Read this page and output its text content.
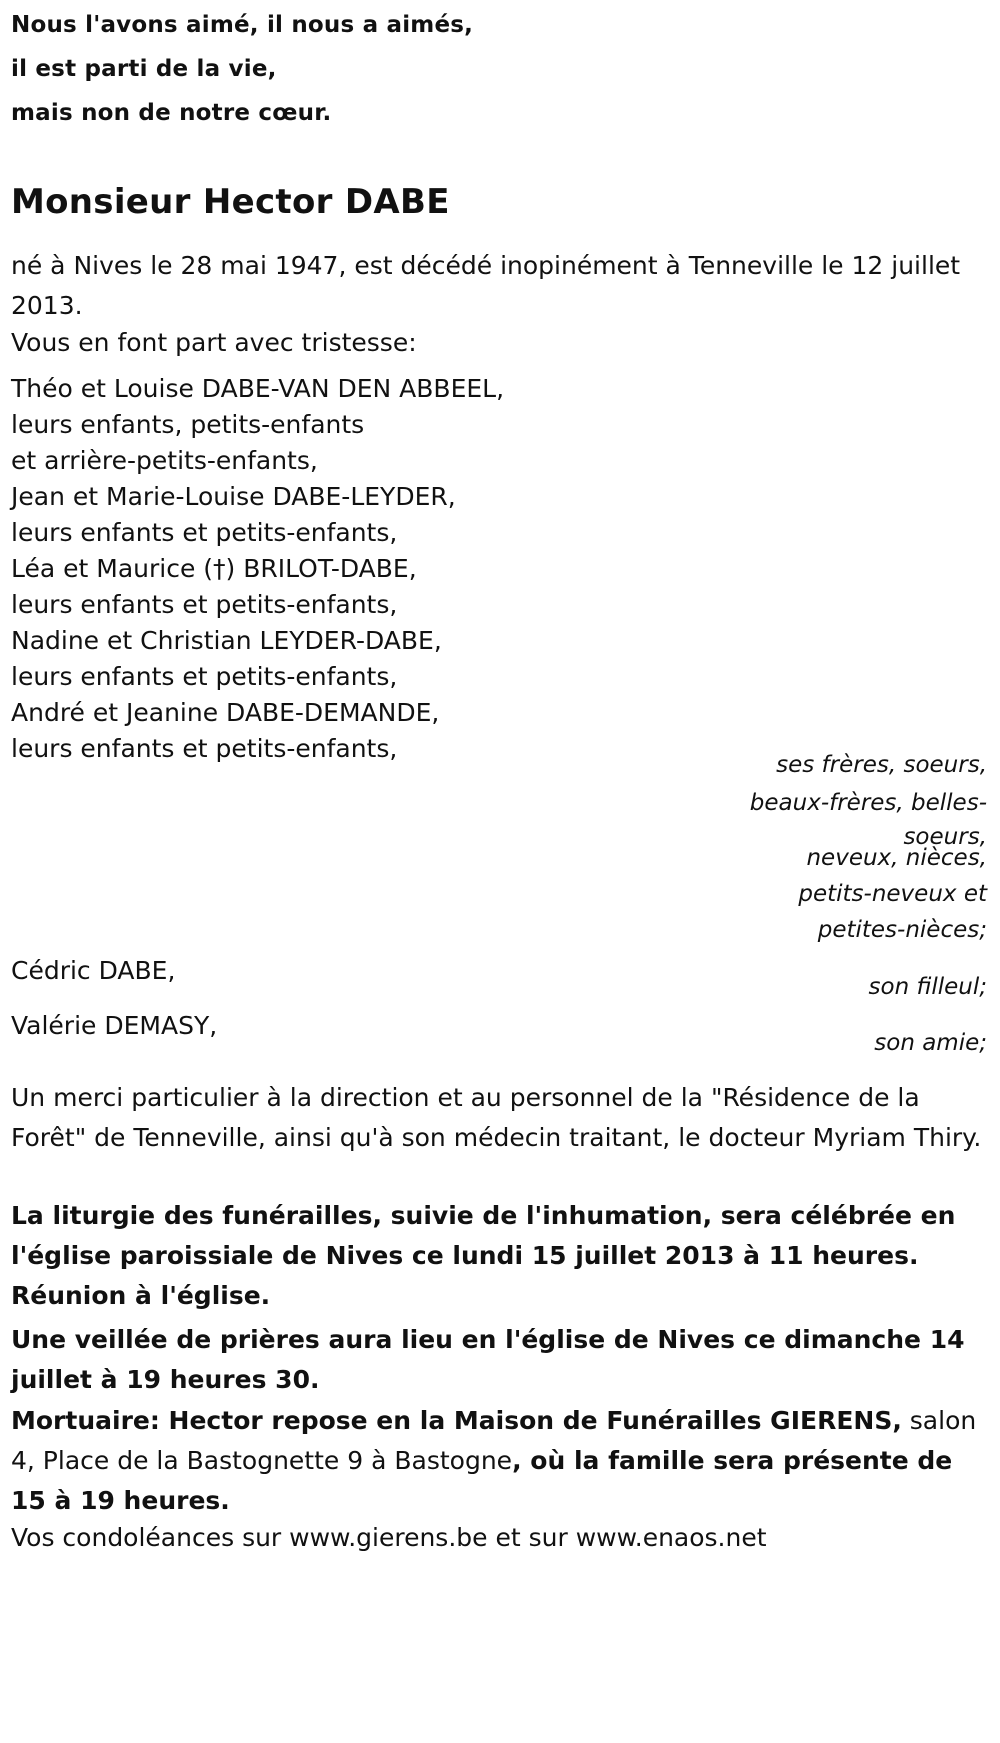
Nous l'avons aimé, il nous a aimés,

il est parti de la vie,

mais non de notre cœur.

Monsieur Hector DABE

né à Nives le 28 mai 1947, est décédé inopinément à Tenneville le 12 juillet 2013.

Vous en font part avec tristesse:

Théo et Louise DABE-VAN DEN ABBEEL,

leurs enfants, petits-enfants

et arrière-petits-enfants,

Jean et Marie-Louise DABE-LEYDER,

leurs enfants et petits-enfants,

Léa et Maurice (†) BRILOT-DABE,

leurs enfants et petits-enfants,

Nadine et Christian LEYDER-DABE,

leurs enfants et petits-enfants,

André et Jeanine DABE-DEMANDE,

leurs enfants et petits-enfants,

ses frères, soeurs,

beaux-frères, belles-

soeurs,

neveux, nièces,

petits-neveux et

petites-nièces;

Cédric DABE,

son filleul;

Valérie DEMASY,

son amie;

Un merci particulier à la direction et au personnel de la "Résidence de la Forêt" de Tenneville, ainsi qu'à son médecin traitant, le docteur Myriam Thiry.

La liturgie des funérailles, suivie de l'inhumation, sera célébrée en l'église paroissiale de Nives ce lundi 15 juillet 2013 à 11 heures.

Réunion à l'église.

Une veillée de prières aura lieu en l'église de Nives ce dimanche 14 juillet à 19 heures 30.

Mortuaire: Hector repose en la Maison de Funérailles GIERENS, salon 4, Place de la Bastognette 9 à Bastogne, où la famille sera présente de 15 à 19 heures.

Vos condoléances sur www.gierens.be et sur www.enaos.net
